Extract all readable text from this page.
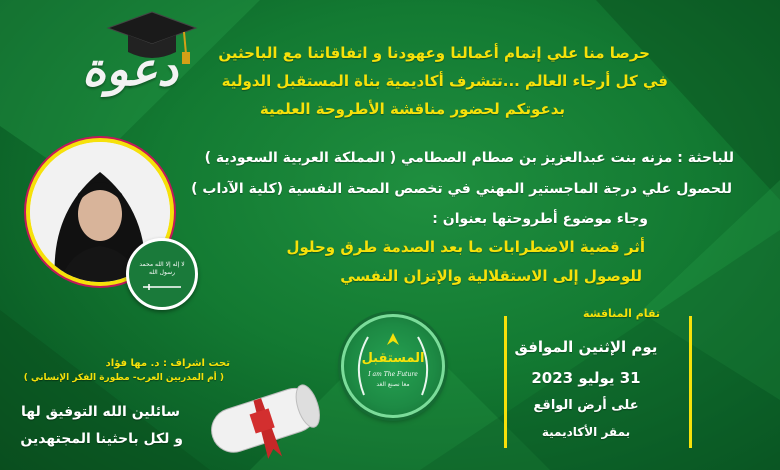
دعوة	حرصا منا علي إتمام أعمالنا وعهودنا و اتفاقاتنا مع الباحثين
في كل أرجاء العالم ...تتشرف أكاديمية بناة المستقبل الدولية
بدعوتكم لحضور مناقشة الأطروحة العلمية
لا إله إلا الله محمد رسول الله
للباحثة : مزنه بنت عبدالعزيز بن صطام الصطامي ( المملكة العربية السعودية )
للحصول علي درجة الماجستير المهني في تخصص الصحة النفسية (كلية الآداب )
وجاء موضوع أطروحتها بعنوان :
أثر قضية الاضطرابات ما بعد الصدمة طرق وحلول
للوصول إلى الاستقلالية والإتزان النفسي
تحت اشراف : د. مها فؤاد
( أم المدربين العرب- مطورة الفكر الإنساني )
سائلين الله التوفيق لها
و لكل باحثينا المجتهدين
المستقبل
I am The Future
معا نصنع الغد
تقام المناقشة
يوم الإثنين الموافق
31 يوليو 2023
على أرض الواقع
بمقر الأكاديمية
